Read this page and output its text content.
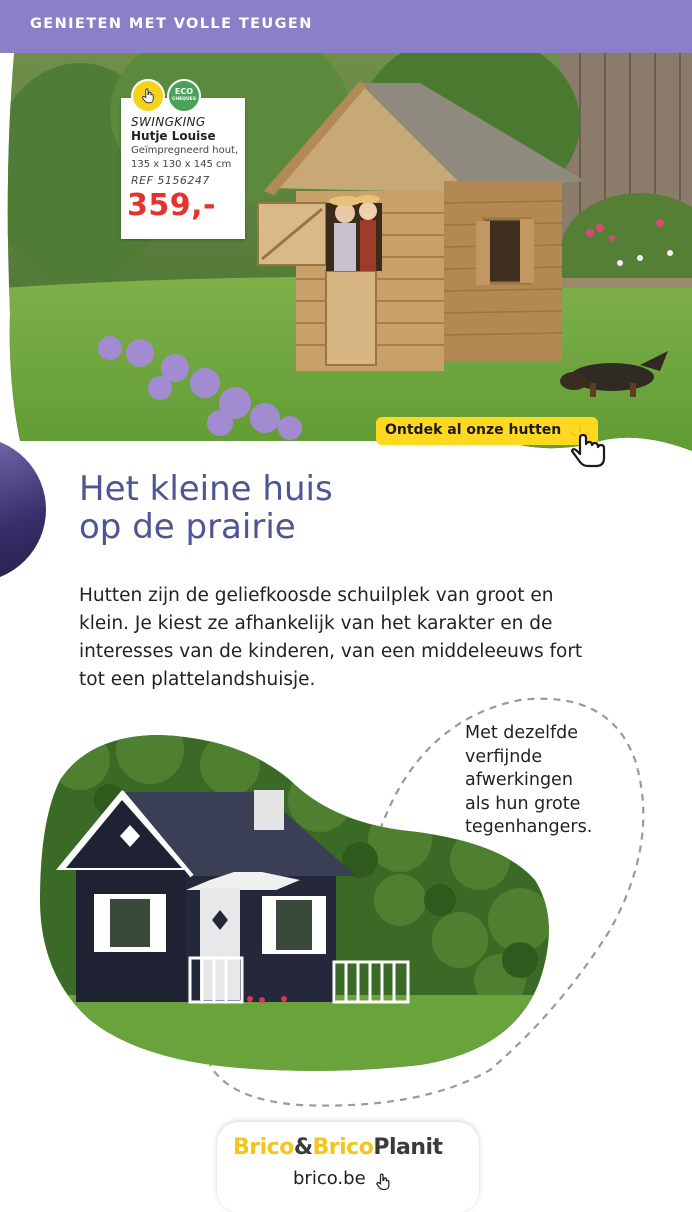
GENIETEN MET VOLLE TEUGEN
SWINGKING
Hutje Louise
Geïmpregneerd hout,
135 x 130 x 145 cm
REF 5156247
359,-
ECO
CHEQUES
Ontdek al onze hutten
Het kleine huis
op de prairie
Hutten zijn de geliefkoosde schuilplek van groot en
klein. Je kiest ze afhankelijk van het karakter en de
interesses van de kinderen, van een middeleeuws fort
tot een plattelandshuisje.
Met dezelfde
verfijnde
afwerkingen
als hun grote
tegenhangers.
Brico&BricoPlanit
brico.be
